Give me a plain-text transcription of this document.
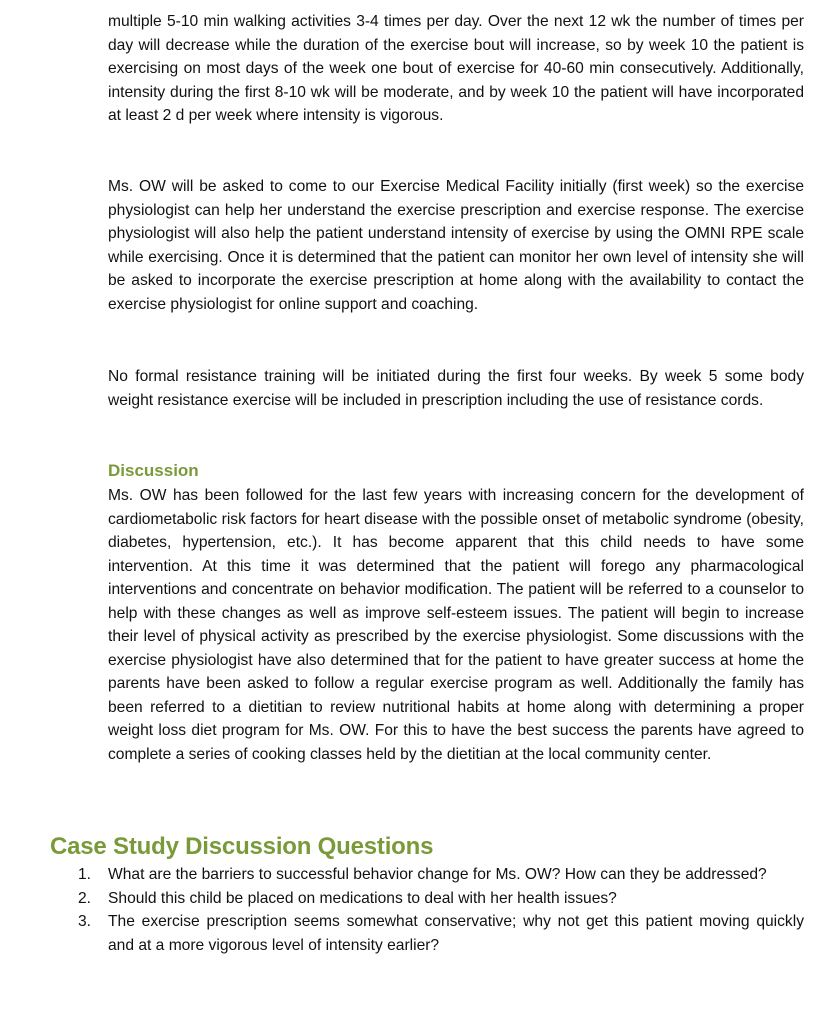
multiple 5-10 min walking activities 3-4 times per day. Over the next 12 wk the number of times per day will decrease while the duration of the exercise bout will increase, so by week 10 the patient is exercising on most days of the week one bout of exercise for 40-60 min consecutively. Additionally, intensity during the first 8-10 wk will be moderate, and by week 10 the patient will have incorporated at least 2 d per week where intensity is vigorous.

Ms. OW will be asked to come to our Exercise Medical Facility initially (first week) so the exercise physiologist can help her understand the exercise prescription and exercise response. The exercise physiologist will also help the patient understand intensity of exercise by using the OMNI RPE scale while exercising. Once it is determined that the patient can monitor her own level of intensity she will be asked to incorporate the exercise prescription at home along with the availability to contact the exercise physiologist for online support and coaching.

No formal resistance training will be initiated during the first four weeks. By week 5 some body weight resistance exercise will be included in prescription including the use of resistance cords.

Discussion

Ms. OW has been followed for the last few years with increasing concern for the development of cardiometabolic risk factors for heart disease with the possible onset of metabolic syndrome (obesity, diabetes, hypertension, etc.). It has become apparent that this child needs to have some intervention. At this time it was determined that the patient will forego any pharmacological interventions and concentrate on behavior modification. The patient will be referred to a counselor to help with these changes as well as improve self-esteem issues. The patient will begin to increase their level of physical activity as prescribed by the exercise physiologist. Some discussions with the exercise physiologist have also determined that for the patient to have greater success at home the parents have been asked to follow a regular exercise program as well. Additionally the family has been referred to a dietitian to review nutritional habits at home along with determining a proper weight loss diet program for Ms. OW. For this to have the best success the parents have agreed to complete a series of cooking classes held by the dietitian at the local community center.

Case Study Discussion Questions
1.	What are the barriers to successful behavior change for Ms. OW? How can they be addressed?
2.	Should this child be placed on medications to deal with her health issues?
3.	The exercise prescription seems somewhat conservative; why not get this patient moving quickly and at a more vigorous level of intensity earlier?
